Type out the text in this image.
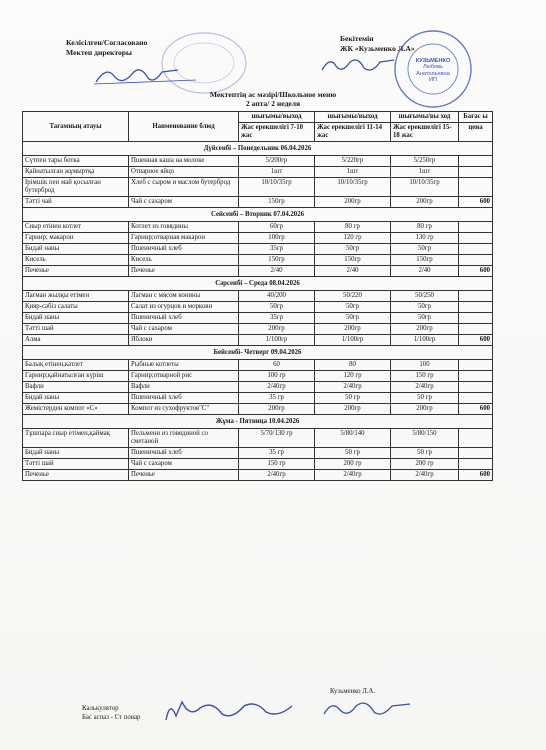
Келісілген/Согласовано
Мектеп директоры
Бекітемін
ЖК «Кузьменко Л.А»
КУЗЬМЕНКО
Любовь
Анатольевна
ИП
Мектептің ас мәзірі/Школьное меню
2 апта/ 2 неделя
Тағамның атауы	Наименование блюд	шығымы/выход	шығымы/выход	шығымы/вы ход	Бағас ы
		Жас ерекшелігі 7-10 жас	Жас ерекшелігі 11-14 жас	Жас ерекшелігі 15-18 жас	цена
Дүйсенбі – Понедельник 06.04.2026					
Сүтпен тары ботка	Пшенная каша на молоке	5/200гр	5/220гр	5/250гр	
Қайнатылған жұмыртқа	Отварное яйцо	1шт	1шт	1шт	
Ірімшік пен май қосылған бутерброд	Хлеб с сыром и маслом бутерброд	10/10/35гр	10/10/35гр	10/10/35гр	
Тәтті чай	Чай с сахаром	150гр	200гр	200гр	600
Сейсенбі – Вторник 07.04.2026					
Сиыр етінен котлет	Котлет из говядины	60гр	80 гр	80 гр	
Гарнир; макарон	Гарнир;отварная макарон	100гр	120 гр	130 гр	
Бидай наны	Пшеничный хлеб	35гр	50гр	50гр	
Кисель	Кисель	150гр	150гр	150гр	
Печенье	Печенье	2/40	2/40	2/40	600
Сәрсенбі – Среда 08.04.2026					
Лағман жылқы етімен	Лагман с мясом конины	40/200	50/220	50/250	
Қияр-сәбіз салаты	Салат из огурцов и моркови	50гр	50гр	50гр	
Бидай наны	Пшеничный хлеб	35гр	50гр	50гр	
Тәтті шай	Чай с сахаром	200гр	200гр	200гр	
Алма	Яблоки	1/100гр	1/100гр	1/100гр	600
Бейсенбі- Четверг 09.04.2026					
Балық етінен,катлет	Рыбные котлеты	60	80	100	
Гарнир;қайнатылған күріш	Гарнир;отварной рис	100 гр	120 гр	150 гр	
Вафли	Вафли	2/40гр	2/40гр	2/40гр	
Бидай наны	Пшеничный хлеб	35 гр	50 гр	50 гр	
Жемістерден компот «С»	Компот из сухофруктов"С"	200гр	200гр	200гр	600
Жұма - Пятница 10.04.2026					
Тұшпара сиыр етімен,қаймақ	Пельмени из говядиной со сметаной	5/70/130 гр	5/80/140	5/80/150	
Бидай наны	Пшеничный хлеб	35 гр	50 гр	50 гр	
Тәтті шай	Чай с сахаром	150 гр	200 гр	200 гр	
Печенье	Печенье	2/40гр	2/40гр	2/40гр	600
Калькулятор
Бас аспаз - Ст повар
Кузьменко Л.А.
